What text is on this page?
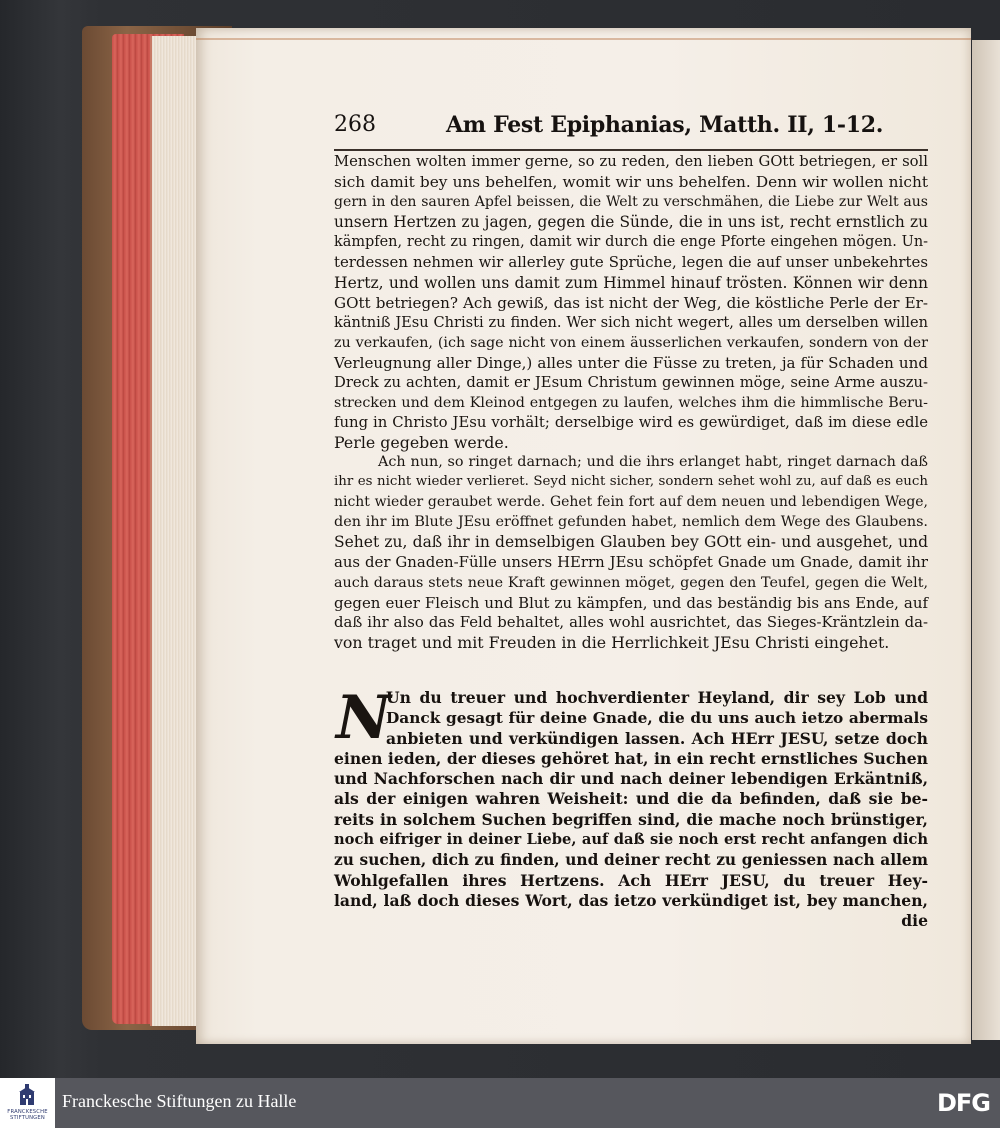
268	Am Fest Epiphanias, Matth. II, 1-12.
Menschen wolten immer gerne, so zu reden, den lieben GOtt betriegen, er soll
sich damit bey uns behelfen, womit wir uns behelfen. Denn wir wollen nicht
gern in den sauren Apfel beissen, die Welt zu verschmähen, die Liebe zur Welt aus
unsern Hertzen zu jagen, gegen die Sünde, die in uns ist, recht ernstlich zu
kämpfen, recht zu ringen, damit wir durch die enge Pforte eingehen mögen. Un-
terdessen nehmen wir allerley gute Sprüche, legen die auf unser unbekehrtes
Hertz, und wollen uns damit zum Himmel hinauf trösten. Können wir denn
GOtt betriegen? Ach gewiß, das ist nicht der Weg, die köstliche Perle der Er-
käntniß JEsu Christi zu finden. Wer sich nicht wegert, alles um derselben willen
zu verkaufen, (ich sage nicht von einem äusserlichen verkaufen, sondern von der
Verleugnung aller Dinge,) alles unter die Füsse zu treten, ja für Schaden und
Dreck zu achten, damit er JEsum Christum gewinnen möge, seine Arme auszu-
strecken und dem Kleinod entgegen zu laufen, welches ihm die himmlische Beru-
fung in Christo JEsu vorhält; derselbige wird es gewürdiget, daß im diese edle
Perle gegeben werde.
Ach nun, so ringet darnach; und die ihrs erlanget habt, ringet darnach daß
ihr es nicht wieder verlieret. Seyd nicht sicher, sondern sehet wohl zu, auf daß es euch
nicht wieder geraubet werde. Gehet fein fort auf dem neuen und lebendigen Wege,
den ihr im Blute JEsu eröffnet gefunden habet, nemlich dem Wege des Glaubens.
Sehet zu, daß ihr in demselbigen Glauben bey GOtt ein- und ausgehet, und
aus der Gnaden-Fülle unsers HErrn JEsu schöpfet Gnade um Gnade, damit ihr
auch daraus stets neue Kraft gewinnen möget, gegen den Teufel, gegen die Welt,
gegen euer Fleisch und Blut zu kämpfen, und das beständig bis ans Ende, auf
daß ihr also das Feld behaltet, alles wohl ausrichtet, das Sieges-Kräntzlein da-
von traget und mit Freuden in die Herrlichkeit JEsu Christi eingehet.
N
Un du treuer und hochverdienter Heyland, dir sey Lob und
Danck gesagt für deine Gnade, die du uns auch ietzo abermals
anbieten und verkündigen lassen. Ach HErr JESU, setze doch
einen ieden, der dieses gehöret hat, in ein recht ernstliches Suchen
und Nachforschen nach dir und nach deiner lebendigen Erkäntniß,
als der einigen wahren Weisheit: und die da befinden, daß sie be-
reits in solchem Suchen begriffen sind, die mache noch brünstiger,
noch eifriger in deiner Liebe, auf daß sie noch erst recht anfangen dich
zu suchen, dich zu finden, und deiner recht zu geniessen nach allem
Wohlgefallen ihres Hertzens. Ach HErr JESU, du treuer Hey-
land, laß doch dieses Wort, das ietzo verkündiget ist, bey manchen,
die
FRANCKESCHE STIFTUNGEN
Franckesche Stiftungen zu Halle	DFG
